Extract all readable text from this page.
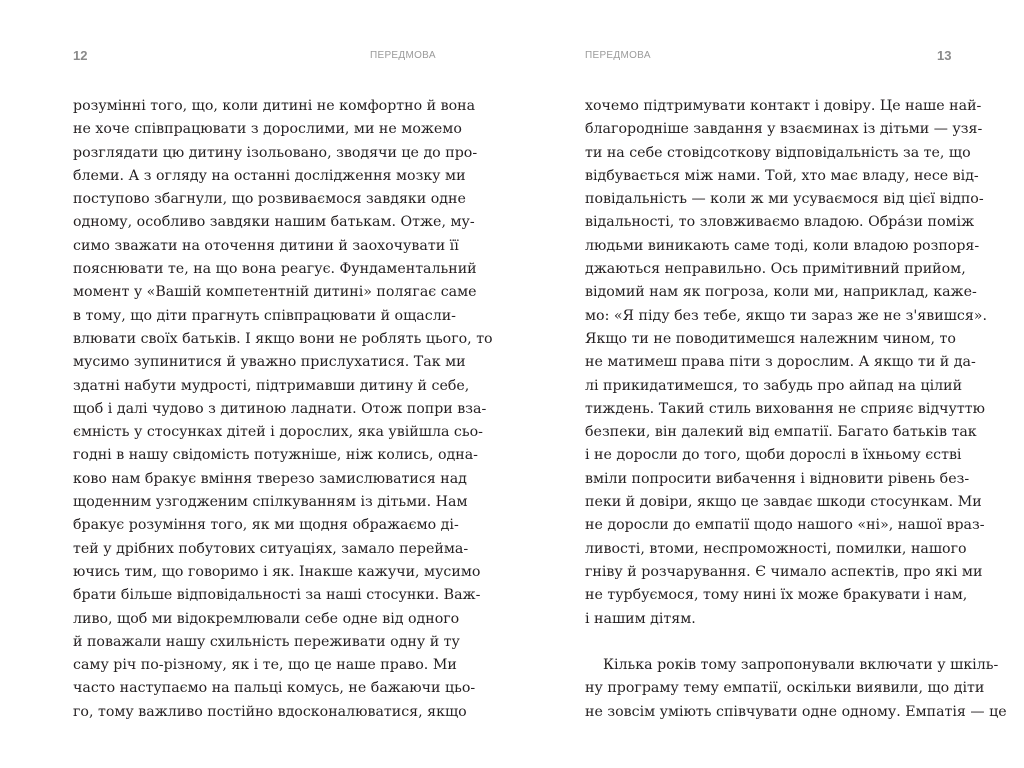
12	ПЕРЕДМОВА
розумінні того, що, коли дитині не комфортно й вона
не хоче співпрацювати з дорослими, ми не можемо
розглядати цю дитину ізольовано, зводячи це до про-
блеми. А з огляду на останні дослідження мозку ми
поступово збагнули, що розвиваємося завдяки одне
одному, особливо завдяки нашим батькам. Отже, му-
симо зважати на оточення дитини й заохочувати її
пояснювати те, на що вона реагує. Фундаментальний
момент у «Вашій компетентній дитині» полягає саме
в тому, що діти прагнуть співпрацювати й ощасли-
влювати своїх батьків. І якщо вони не роблять цього, то
мусимо зупинитися й уважно прислухатися. Так ми
здатні набути мудрості, підтримавши дитину й себе,
щоб і далі чудово з дитиною ладнати. Отож попри вза-
ємність у стосунках дітей і дорослих, яка увійшла сьо-
годні в нашу свідомість потужніше, ніж колись, одна-
ково нам бракує вміння тверезо замислюватися над
щоденним узгодженим спілкуванням із дітьми. Нам
бракує розуміння того, як ми щодня ображаємо ді-
тей у дрібних побутових ситуаціях, замало перейма-
ючись тим, що говоримо і як. Інакше кажучи, мусимо
брати більше відповідальності за наші стосунки. Важ-
ливо, щоб ми відокремлювали себе одне від одного
й поважали нашу схильність переживати одну й ту
саму річ по-різному, як і те, що це наше право. Ми
часто наступаємо на пальці комусь, не бажаючи цьо-
го, тому важливо постійно вдосконалюватися, якщо
ПЕРЕДМОВА	13
хочемо підтримувати контакт і довіру. Це наше най-
благородніше завдання у взаєминах із дітьми — узя-
ти на себе стовідсоткову відповідальність за те, що
відбувається між нами. Той, хто має владу, несе від-
повідальність — коли ж ми усуваємося від цієї відпо-
відальності, то зловживаємо владою. Обра́зи поміж
людьми виникають саме тоді, коли владою розпоря-
джаються неправильно. Ось примітивний прийом,
відомий нам як погроза, коли ми, наприклад, каже-
мо: «Я піду без тебе, якщо ти зараз же не з'явишся».
Якщо ти не поводитимешся належним чином, то
не матимеш права піти з дорослим. А якщо ти й да-
лі прикидатимешся, то забудь про айпад на цілий
тиждень. Такий стиль виховання не сприяє відчуттю
безпеки, він далекий від емпатії. Багато батьків так
і не доросли до того, щоби дорослі в їхньому єстві
вміли попросити вибачення і відновити рівень без-
пеки й довіри, якщо це завдає шкоди стосункам. Ми
не доросли до емпатії щодо нашого «ні», нашої враз-
ливості, втоми, неспроможності, помилки, нашого
гніву й розчарування. Є чимало аспектів, про які ми
не турбуємося, тому нині їх може бракувати і нам,
і нашим дітям.
Кілька років тому запропонували включати у шкіль-
ну програму тему емпатії, оскільки виявили, що діти
не зовсім уміють співчувати одне одному. Емпатія — це
